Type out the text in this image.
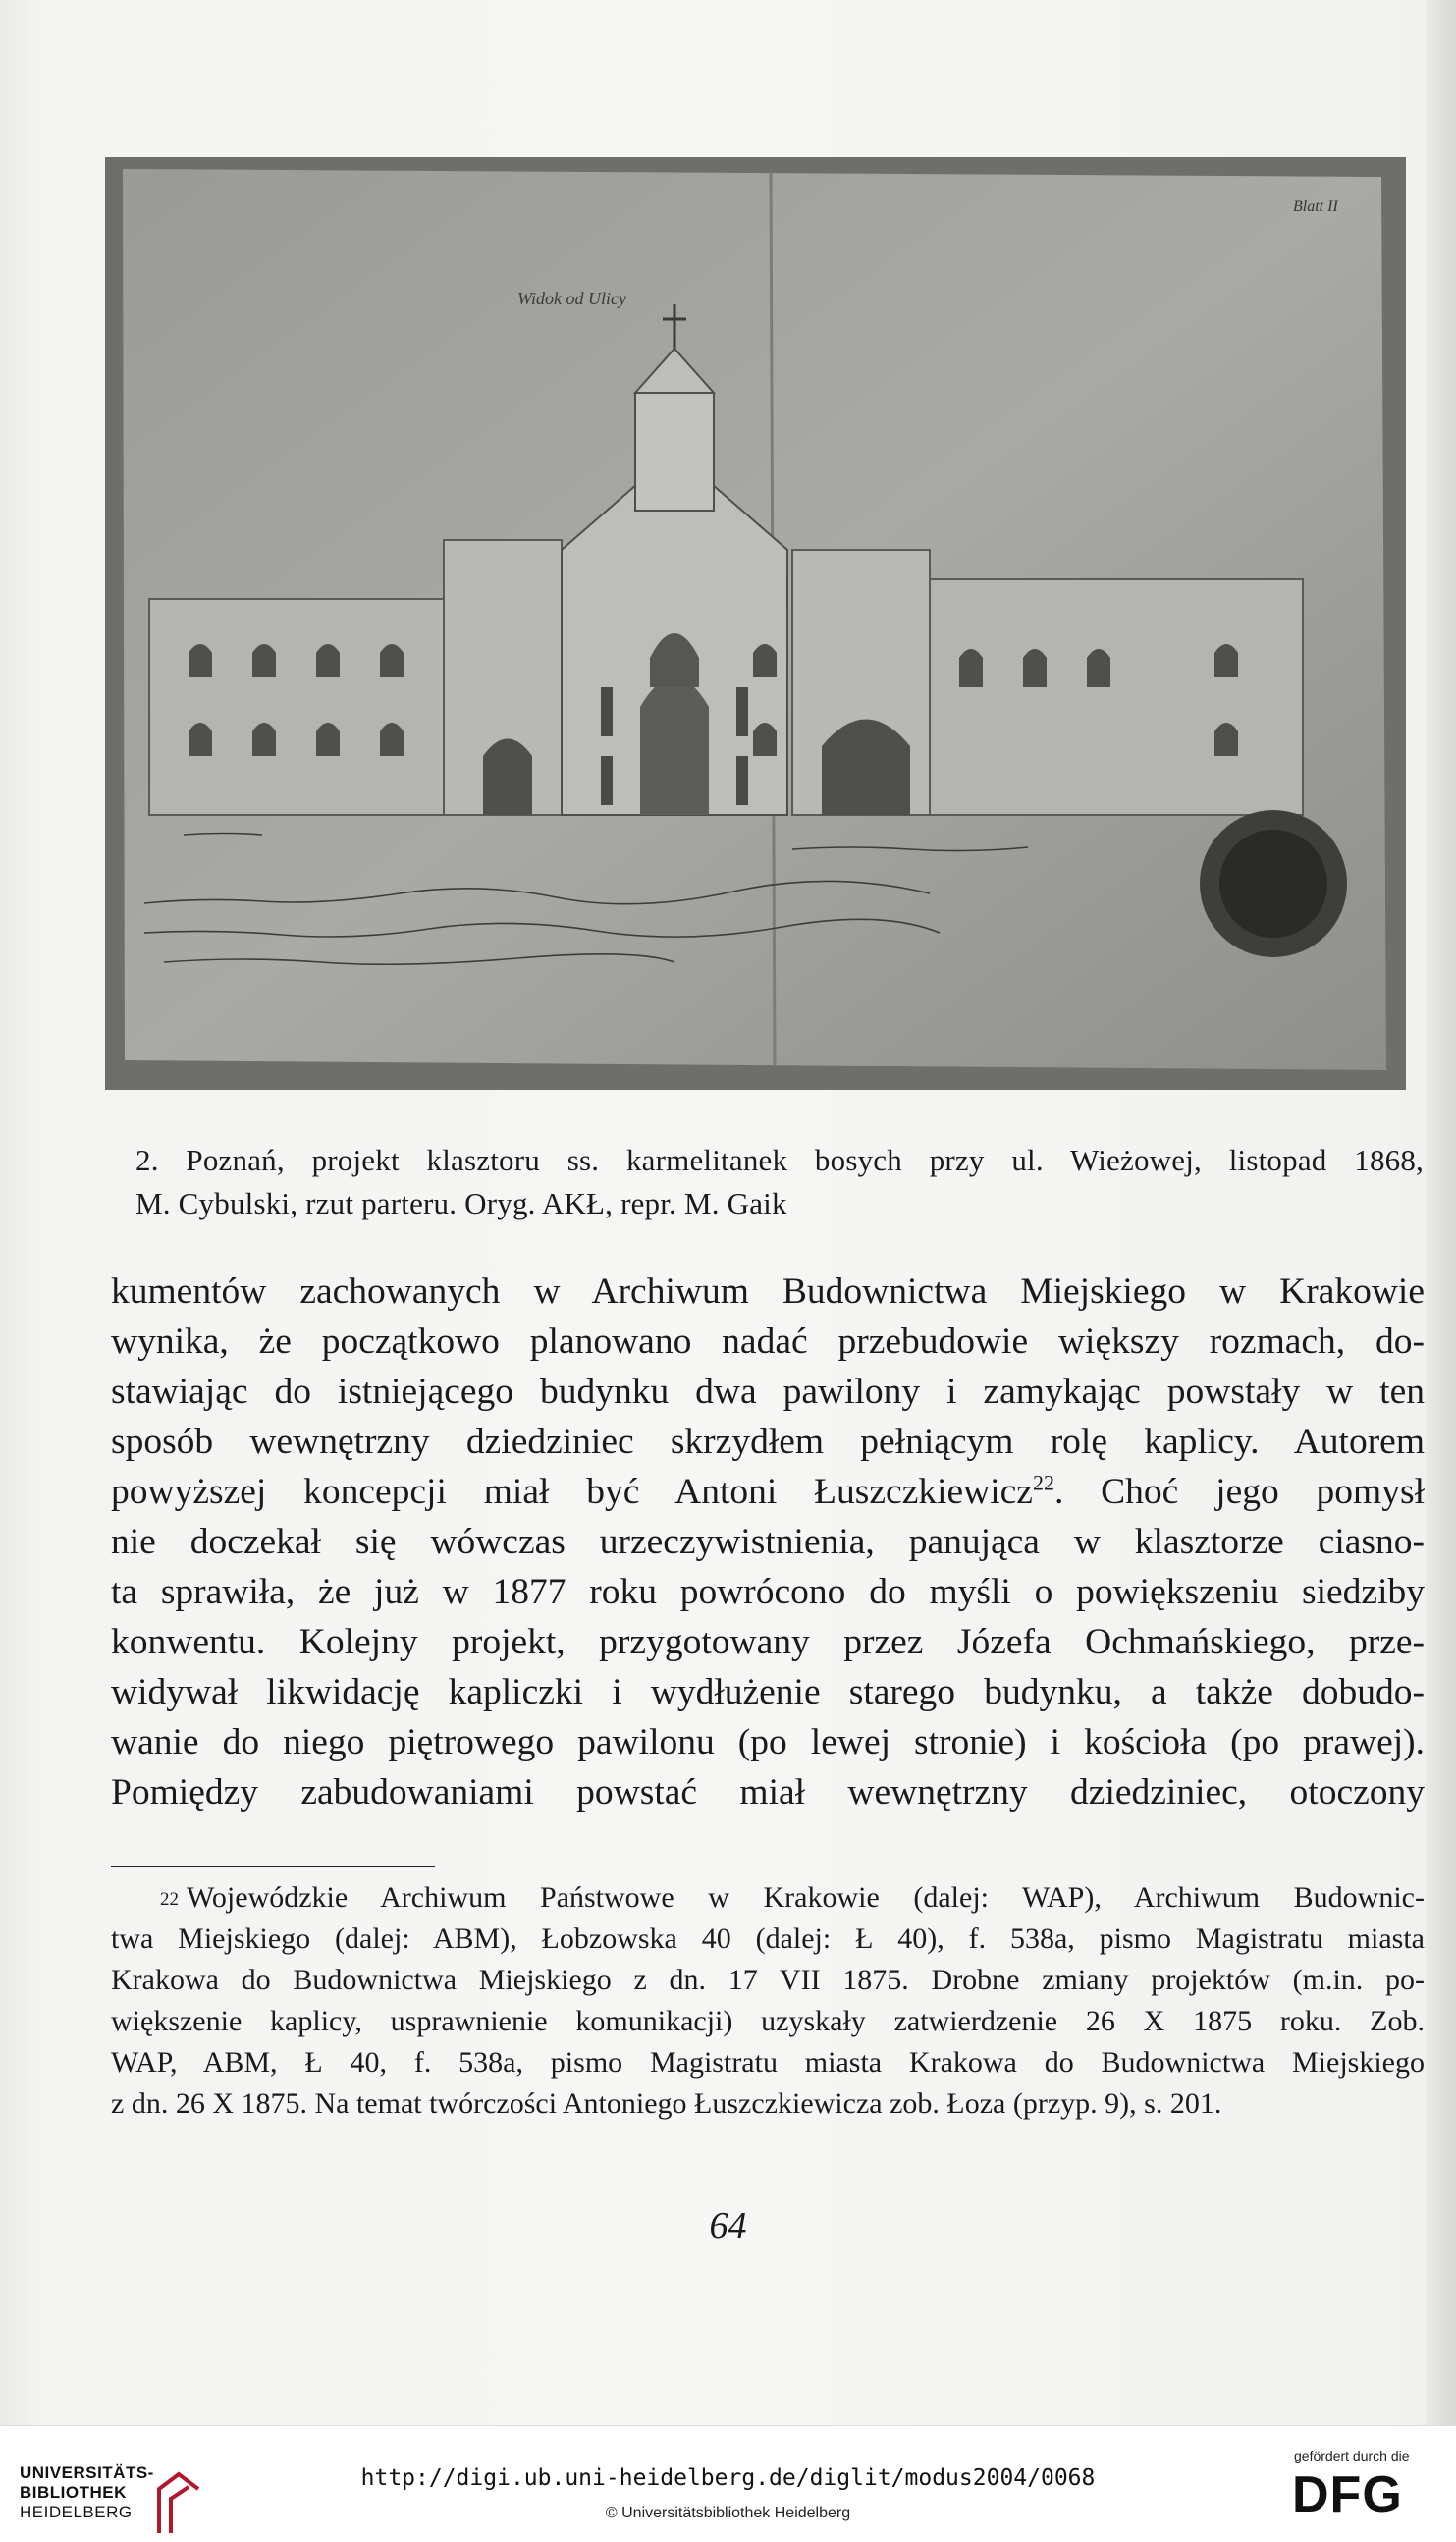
Widok od Ulicy
Blatt II
2. Poznań, projekt klasztoru ss. karmelitanek bosych przy ul. Wieżowej, listopad 1868,
M. Cybulski, rzut parteru. Oryg. AKŁ, repr. M. Gaik

kumentów zachowanych w Archiwum Budownictwa Miejskiego w Krakowie

wynika, że początkowo planowano nadać przebudowie większy rozmach, do-

stawiając do istniejącego budynku dwa pawilony i zamykając powstały w ten

sposób wewnętrzny dziedziniec skrzydłem pełniącym rolę kaplicy. Autorem

powyższej koncepcji miał być Antoni Łuszczkiewicz$^{22}$. Choć jego pomysł

nie doczekał się wówczas urzeczywistnienia, panująca w klasztorze ciasno-

ta sprawiła, że już w 1877 roku powrócono do myśli o powiększeniu siedziby

konwentu. Kolejny projekt, przygotowany przez Józefa Ochmańskiego, prze-

widywał likwidację kapliczki i wydłużenie starego budynku, a także dobudo-

wanie do niego piętrowego pawilonu (po lewej stronie) i kościoła (po prawej).

Pomiędzy zabudowaniami powstać miał wewnętrzny dziedziniec, otoczony

$^{22}$ Wojewódzkie Archiwum Państwowe w Krakowie (dalej: WAP), Archiwum Budownic-

twa Miejskiego (dalej: ABM), Łobzowska 40 (dalej: Ł 40), f. 538a, pismo Magistratu miasta

Krakowa do Budownictwa Miejskiego z dn. 17 VII 1875. Drobne zmiany projektów (m.in. po-

większenie kaplicy, usprawnienie komunikacji) uzyskały zatwierdzenie 26 X 1875 roku. Zob.

WAP, ABM, Ł 40, f. 538a, pismo Magistratu miasta Krakowa do Budownictwa Miejskiego

z dn. 26 X 1875. Na temat twórczości Antoniego Łuszczkiewicza zob. Łoza (przyp. 9), s. 201.

64
UNIVERSITÄTS-
BIBLIOTHEK
HEIDELBERG
http://digi.ub.uni-heidelberg.de/diglit/modus2004/0068
© Universitätsbibliothek Heidelberg
gefördert durch die
DFG
